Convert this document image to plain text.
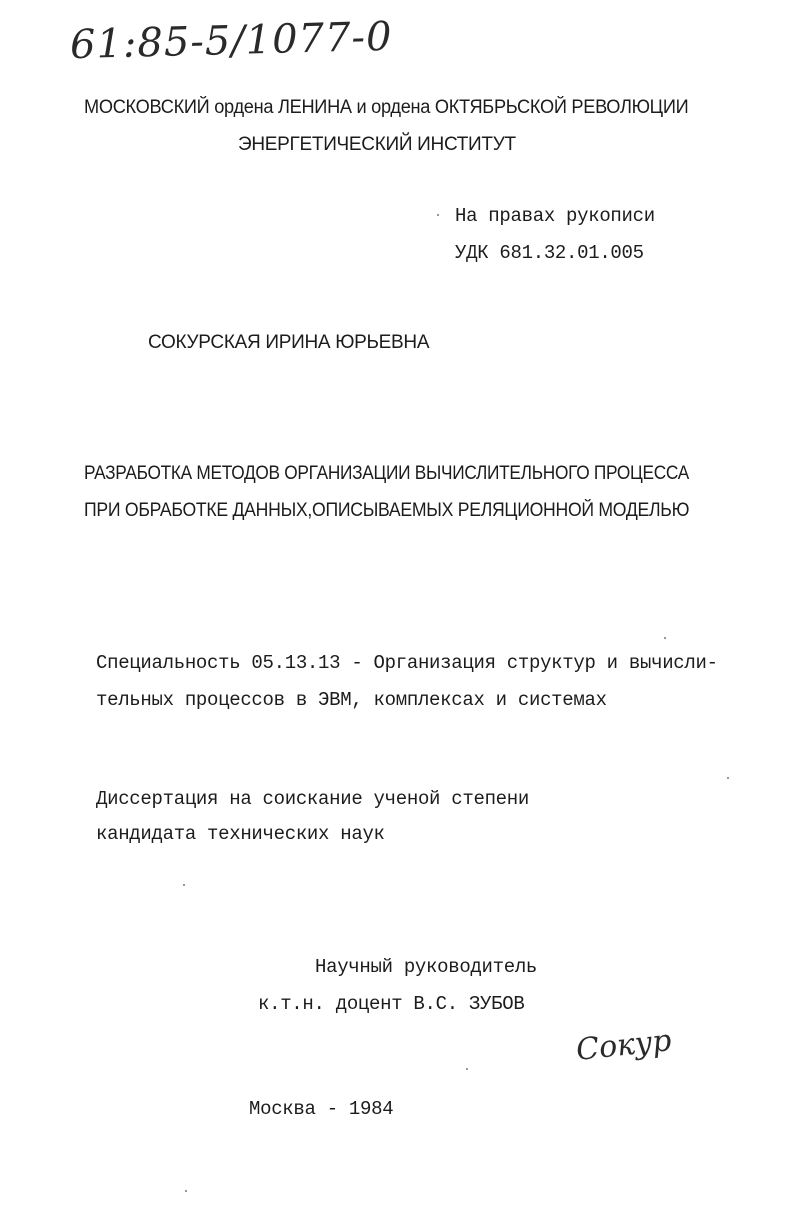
61:85-5/1077-0
МОСКОВСКИЙ ордена ЛЕНИНА и ордена ОКТЯБРЬСКОЙ РЕВОЛЮЦИИ
ЭНЕРГЕТИЧЕСКИЙ ИНСТИТУТ
На правах рукописи
УДК 681.32.01.005
СОКУРСКАЯ ИРИНА ЮРЬЕВНА
РАЗРАБОТКА МЕТОДОВ ОРГАНИЗАЦИИ ВЫЧИСЛИТЕЛЬНОГО ПРОЦЕССА
ПРИ ОБРАБОТКЕ ДАННЫХ,ОПИСЫВАЕМЫХ РЕЛЯЦИОННОЙ МОДЕЛЬЮ
Специальность 05.13.13 - Организация структур и вычисли-
тельных процессов в ЭВМ, комплексах и системах
Диссертация на соискание ученой степени
кандидата технических наук
Научный руководитель
к.т.н. доцент В.С. ЗУБОВ
Сокур
Москва - 1984
